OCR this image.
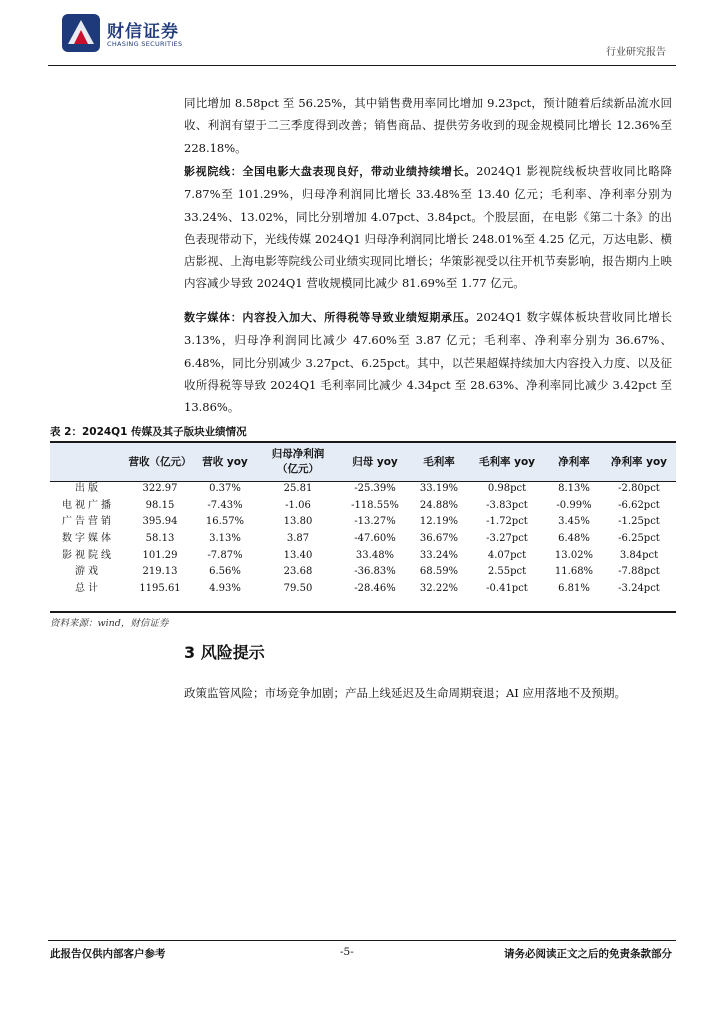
财信证券
CHASING SECURITIES
行业研究报告
同比增加 8.58pct 至 56.25%，其中销售费用率同比增加 9.23pct，预计随着后续新品流水回收、利润有望于二三季度得到改善；销售商品、提供劳务收到的现金规模同比增长 12.36%至 228.18%。
影视院线：全国电影大盘表现良好，带动业绩持续增长。2024Q1 影视院线板块营收同比略降 7.87%至 101.29%，归母净利润同比增长 33.48%至 13.40 亿元；毛利率、净利率分别为 33.24%、13.02%，同比分别增加 4.07pct、3.84pct。个股层面，在电影《第二十条》的出色表现带动下，光线传媒 2024Q1 归母净利润同比增长 248.01%至 4.25 亿元，万达电影、横店影视、上海电影等院线公司业绩实现同比增长；华策影视受以往开机节奏影响，报告期内上映内容减少导致 2024Q1 营收规模同比减少 81.69%至 1.77 亿元。
数字媒体：内容投入加大、所得税等导致业绩短期承压。2024Q1 数字媒体板块营收同比增长 3.13%，归母净利润同比减少 47.60%至 3.87 亿元；毛利率、净利率分别为 36.67%、6.48%，同比分别减少 3.27pct、6.25pct。其中，以芒果超媒持续加大内容投入力度、以及征收所得税等导致 2024Q1 毛利率同比减少 4.34pct 至 28.63%、净利率同比减少 3.42pct 至 13.86%。
表 2：2024Q1 传媒及其子版块业绩情况
	营收（亿元）	营收 yoy	归母净利润（亿元）	归母 yoy	毛利率	毛利率 yoy	净利率	净利率 yoy
出版	322.97	0.37%	25.81	-25.39%	33.19%	0.98pct	8.13%	-2.80pct
电视广播	98.15	-7.43%	-1.06	-118.55%	24.88%	-3.83pct	-0.99%	-6.62pct
广告营销	395.94	16.57%	13.80	-13.27%	12.19%	-1.72pct	3.45%	-1.25pct
数字媒体	58.13	3.13%	3.87	-47.60%	36.67%	-3.27pct	6.48%	-6.25pct
影视院线	101.29	-7.87%	13.40	33.48%	33.24%	4.07pct	13.02%	3.84pct
游戏	219.13	6.56%	23.68	-36.83%	68.59%	2.55pct	11.68%	-7.88pct
总计	1195.61	4.93%	79.50	-28.46%	32.22%	-0.41pct	6.81%	-3.24pct
资料来源：wind，财信证券
3 风险提示
政策监管风险；市场竞争加剧；产品上线延迟及生命周期衰退；AI 应用落地不及预期。
此报告仅供内部客户参考	-5-	请务必阅读正文之后的免责条款部分
